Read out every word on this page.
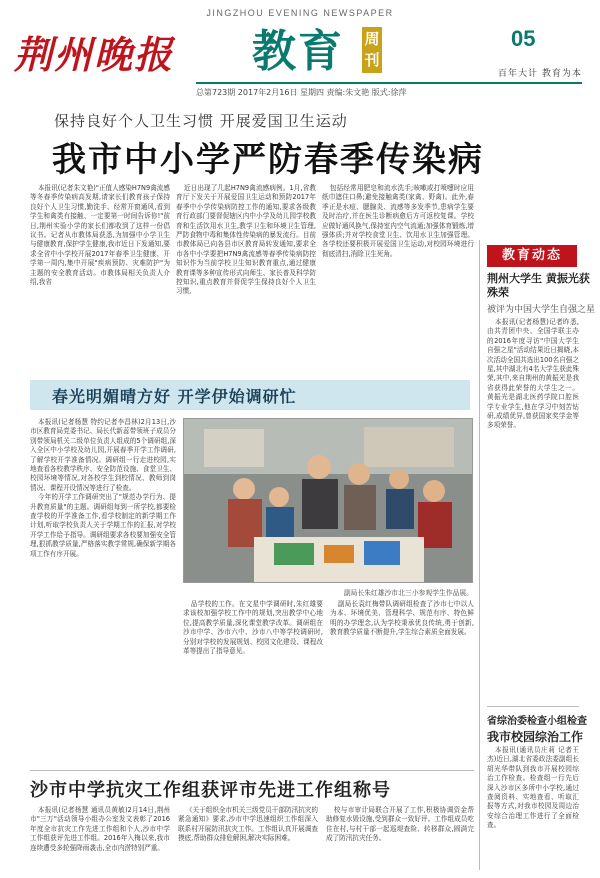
JINGZHOU EVENING NEWSPAPER
荆州晚报	教育 周刊
05
百年大计 教育为本
总第723期 2017年2月16日 星期四 责编:朱文艳 版式:徐萍
保持良好个人卫生习惯 开展爱国卫生运动
我市中小学严防春季传染病

本报讯(记者朱文艳)"正值人感染H7N9禽流感等冬春季传染病高发期,请家长们教育孩子保持良好个人卫生习惯,勤洗手、经常开窗通风,看到学生和禽类有接触、一定要第一时间告诉你!"前日,荆州实验小学的家长们都收到了这样一份倡议书。记者从市教体局获悉,为加强中小学卫生与健康教育,保护学生健康,我市近日下发通知,要求全省中小学校开展2017年春季卫生健康、开学第一周内,集中开展"疾病预防、灾难防护"为主题的安全教育活动。市教体局相关负责人介绍,我省

近日出现了几起H7N9禽流感病例。1月,省教育厅下发关于开展爱国卫生运动和预防2017年春季中小学传染病防控工作的通知,要求各级教育行政部门要督促辖区内中小学及幼儿园学校教育和生活饮用水卫生,教学卫生和环境卫生管理,严防食物中毒和集体性传染病的暴发流行。目前市教体局已向各县市区教育局转发通知,要求全市各中小学要把H7N9禽流感等春季传染病防控知识作为当前学校卫生知识教育重点,通过健康教育课等多种宣传形式向师生、家长普及科学防控知识,重点教育并督促学生保持良好个人卫生习惯,

包括经常用肥皂和流水洗手;咳嗽或打喷嚏时应用纸巾遮住口鼻;避免接触禽类(家禽、野禽)。此外,春季正是水痘、腮腺炎、流感等多发季节,患病学生要及时治疗,并在医生诊断病愈后方可返校复课。学校应做好通风换气,保持室内空气流通;加强体育锻炼,增强体质;并对学校食堂卫生、饮用水卫生加强管理。各学校还要积极开展爱国卫生运动,对校园环境进行彻底清扫,消除卫生死角。	教育动态
荆州大学生 黄振光获殊荣
被评为中国大学生自强之星

本报讯(记者杨慧)记者昨悉,由共青团中央、全国学联主办的2016年度寻访"中国大学生自强之星"活动结果近日揭晓,本次活动全国共选出100名自强之星,其中湖北有4名大学生获此殊荣,其中,来自荆州的黄振光是我省获得此荣誉的大学生之一。黄振光是湖北医药学院口腔医学专业学生,他在学习中刻苦钻研,成绩优异,曾获国家奖学金等多项荣誉。

省综治委检查小组检查
我市校园综治工作

本报讯(通讯员庄莉 记者王杰)近日,湖北省委政法委副组长胡光华带队到我市开展校园综治工作检查。检查组一行先后深入沙市区多所中小学校,通过查阅资料、实地查看、听取汇报等方式,对我市校园及周边治安综合治理工作进行了全面检查。

春光明媚晴方好 开学伊始调研忙

本报讯(记者杨慧 特约记者李昌林)2月13日,沙市区教育局党委书记、局长代新蕊带领班子成员分别带领局机关二级单位负责人组成的5个调研组,深入全区中小学校及幼儿园,开展春季开学工作调研,了解学校开学准备情况。调研组一行走进校园,实地查看各校教学秩序、安全防范设施、食堂卫生、校园环境等情况,对各校学生到校情况、教师到岗情况、课程开设情况等进行了检查。

今年的开学工作调研突出了"规范办学行为、提升教育质量"的主题。调研组每到一所学校,都要检查学校的开学准备工作,看学校制定的新学期工作计划,听取学校负责人关于学期工作的汇报,对学校开学工作给予指导。调研组要求各校要加强安全管理,狠抓教学质量,严格落实教学常规,确保新学期各项工作有序开展。

副局长朱红雄沙市北三小参观学生作品展。

品学校的工作。在文星中学调研时,朱红雄要求该校加强学校工作中的规划,突出教学中心地位,提高教学质量,深化课堂教学改革。调研组在沙市中学、沙市六中、沙市八中等学校调研时,分别对学校的发展规划、校园文化建设、课程改革等提出了指导意见。

副局长袁红梅带队调研组检查了沙市七中以人为本、环境优美、管理科学、规范有序、特色鲜明的办学理念,认为学校秉承优良传统,勇于创新,教育教学质量不断提升,学生综合素质全面发展。

沙市中学抗灾工作组获评市先进工作组称号

本报讯(记者杨慧 通讯员黄敏)2月14日,荆州市"三万"活动领导小组办公室发文表彰了2016年度全市抗灾工作先进工作组和个人,沙市中学工作组获评先进工作组。2016年入梅以来,我市连续遭受多轮强降雨袭击,全市内涝特别严重。

《关于组织全市机关三级党员干部防汛抗灾的紧急通知》要求,沙市中学迅速组织工作组深入联系村开展防汛抗灾工作。工作组认真开展调查摸底,帮助群众排危解困,解决实际困难。

校与市审计局联合开展了工作,积极协调资金帮助修复水毁设施,受到群众一致好评。工作组成员吃住在村,与村干部一起巡堤查险、转移群众,圆满完成了防汛抗灾任务。
